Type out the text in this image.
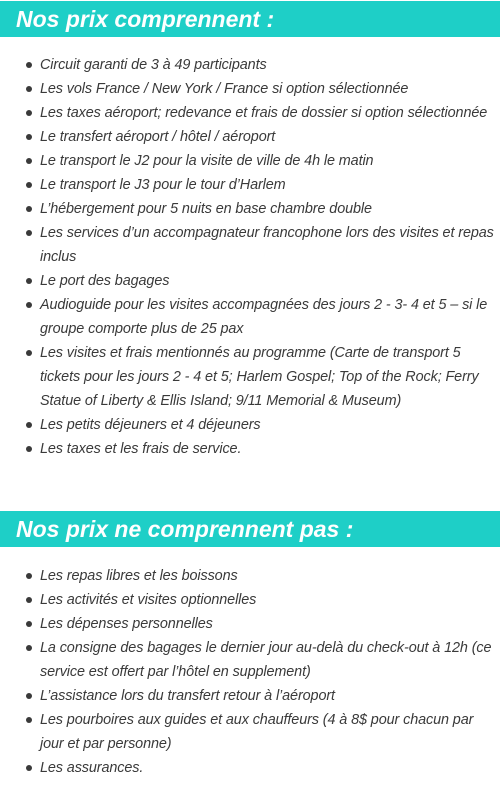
Nos prix comprennent :
Circuit garanti de 3 à 49 participants
Les vols France / New York / France si option sélectionnée
Les taxes aéroport; redevance et frais de dossier si option sélectionnée
Le transfert aéroport / hôtel / aéroport
Le transport le J2 pour la visite de ville de 4h le matin
Le transport le J3 pour le tour d’Harlem
L’hébergement pour 5 nuits en base chambre double
Les services d’un accompagnateur francophone lors des visites et repas inclus
Le port des bagages
Audioguide pour les visites accompagnées des jours 2 - 3- 4 et 5 – si le groupe comporte plus de 25 pax
Les visites et frais mentionnés au programme (Carte de transport 5 tickets pour les jours 2 - 4 et 5; Harlem Gospel; Top of the Rock; Ferry Statue of Liberty & Ellis Island; 9/11 Memorial & Museum)
Les petits déjeuners et 4 déjeuners
Les taxes et les frais de service.
Nos prix ne comprennent pas :
Les repas libres et les boissons
Les activités et visites optionnelles
Les dépenses personnelles
La consigne des bagages le dernier jour au-delà du check-out à 12h (ce service est offert par l’hôtel en supplement)
L’assistance lors du transfert retour à l’aéroport
Les pourboires aux guides et aux chauffeurs (4 à 8$ pour chacun par jour et par personne)
Les assurances.
